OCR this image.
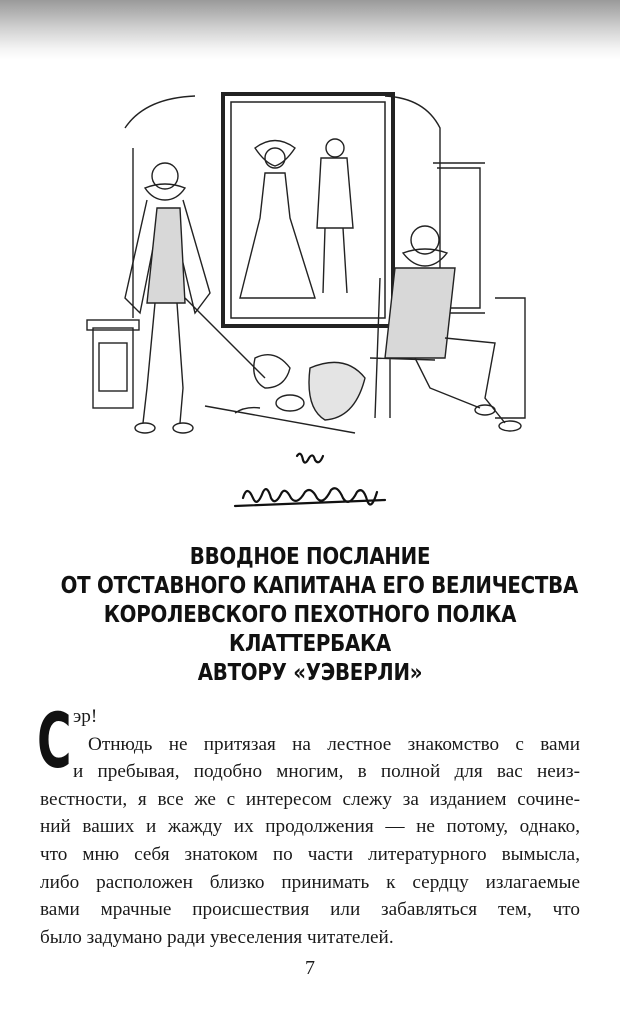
ВВОДНОЕ ПОСЛАНИЕ
ОТ ОТСТАВНОГО КАПИТАНА ЕГО ВЕЛИЧЕСТВА
КОРОЛЕВСКОГО ПЕХОТНОГО ПОЛКА
КЛАТТЕРБАКА
АВТОРУ «УЭВЕРЛИ»
С эр!
Отнюдь не притязая на лестное знакомство с вами
и пребывая, подобно многим, в полной для вас неиз-
вестности, я все же с интересом слежу за изданием сочине-
ний ваших и жажду их продолжения — не потому, однако,
что мню себя знатоком по части литературного вымысла,
либо расположен близко принимать к сердцу излагаемые
вами мрачные происшествия или забавляться тем, что
было задумано ради увеселения читателей.
7
